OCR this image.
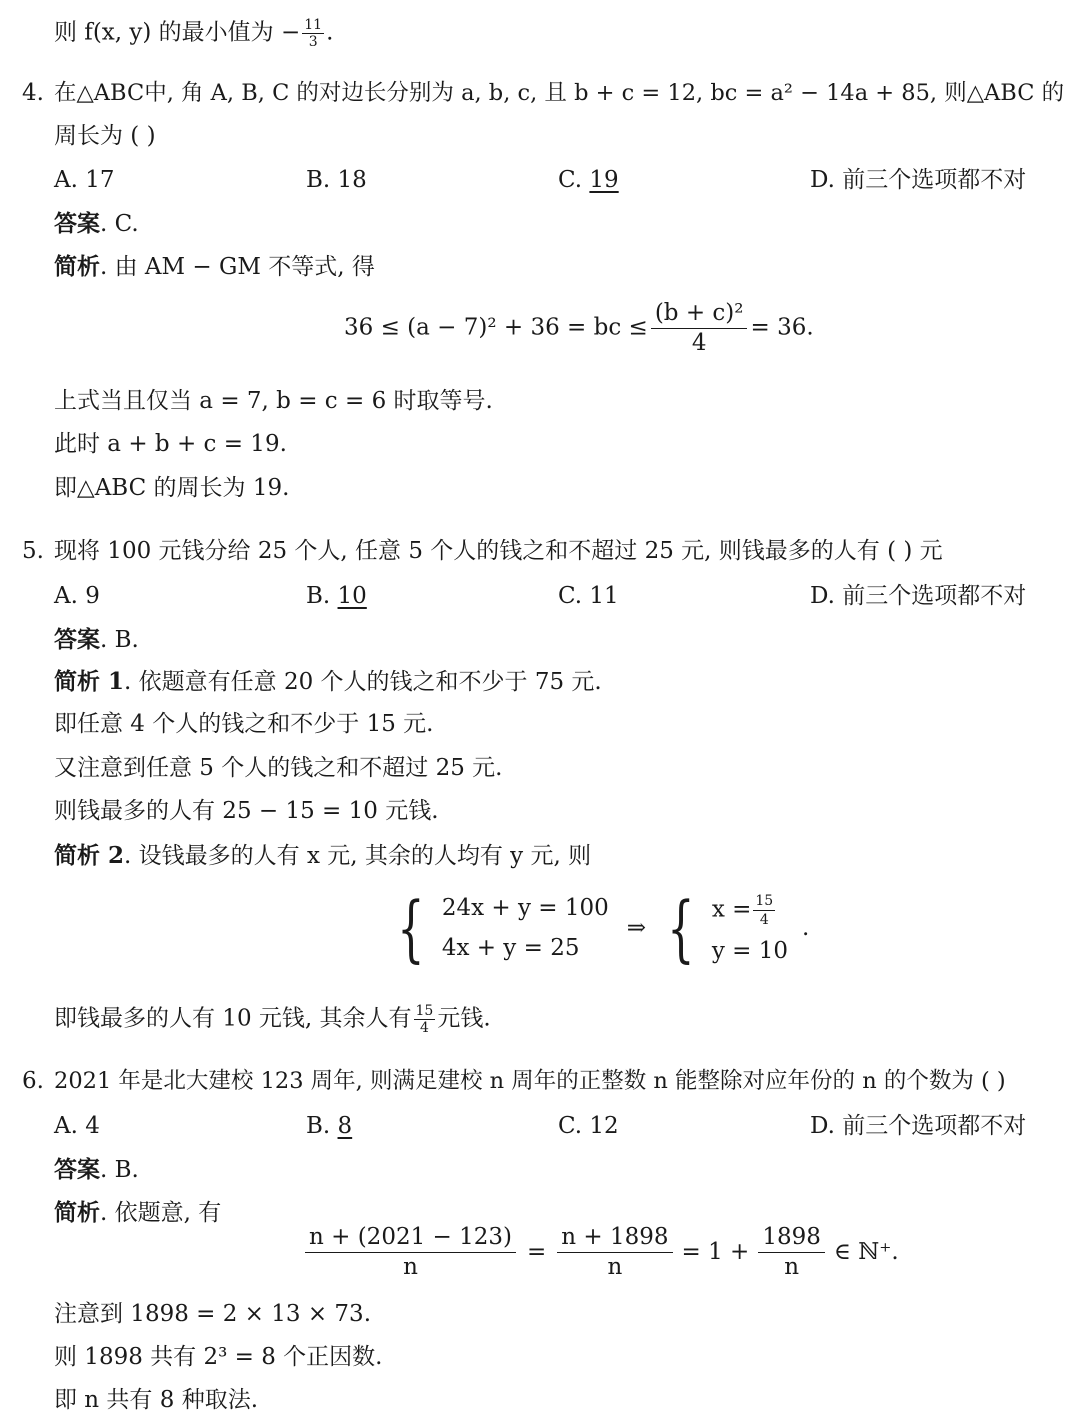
则 f(x, y) 的最小值为 − $\frac{11}{3}$ .
4. 在△ABC中, 角 A, B, C 的对边长分别为 a, b, c, 且 b + c = 12, bc = a² − 14a + 85, 则△ABC 的
周长为 ( )
A. 17	B. 18	C. 19	D. 前三个选项都不对
答案. C.
简析. 由 AM − GM 不等式, 得
36 ≤ (a − 7)² + 36 = bc ≤ $\frac{\text{(b + c)²}}{4} = 36$.
上式当且仅当 a = 7, b = c = 6 时取等号.
此时 a + b + c = 19.
即△ABC 的周长为 19.
5. 现将 100 元钱分给 25 个人, 任意 5 个人的钱之和不超过 25 元, 则钱最多的人有 ( ) 元
A. 9	B. 10	C. 11	D. 前三个选项都不对
答案. B.
简析 1. 依题意有任意 20 个人的钱之和不少于 75 元.
即任意 4 个人的钱之和不少于 15 元.
又注意到任意 5 个人的钱之和不超过 25 元.
则钱最多的人有 25 − 15 = 10 元钱.
简析 2. 设钱最多的人有 x 元, 其余的人均有 y 元, 则
{ 24x + y = 100
4x + y = 25
⇒ { $x = \frac{15}{4}$
y = 10
.
即钱最多的人有 10 元钱, 其余人有 $\frac{15}{4}$ 元钱.
6. 2021 年是北大建校 123 周年, 则满足建校 n 周年的正整数 n 能整除对应年份的 n 的个数为 ( )
A. 4	B. 8	C. 12	D. 前三个选项都不对
答案. B.
简析. 依题意, 有
$\frac{n + (2021 - 123)}{n} = \frac{n + 1898}{n} = 1 + \frac{1898}{n}$ ∈ ℕ⁺.
注意到 1898 = 2 × 13 × 73.
则 1898 共有 2³ = 8 个正因数.
即 n 共有 8 种取法.
